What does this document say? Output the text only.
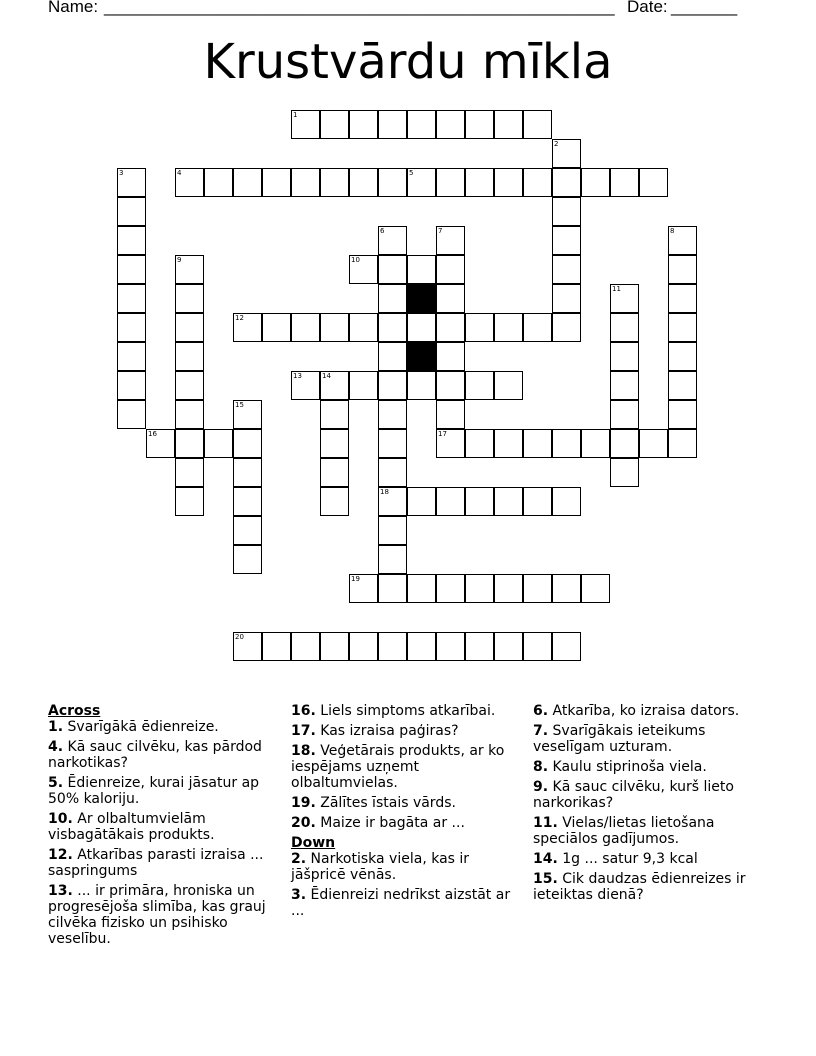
Name: ______________________________________________________ Date: _______
Krustvārdu mīkla
1
2
3	4	5
6	7	8
9	10
11
12
13	14
15
16	17
18
19
20
Across
1. Svarīgākā ēdienreize.
4. Kā sauc cilvēku, kas pārdod narkotikas?
5. Ēdienreize, kurai jāsatur ap 50% kaloriju.
10. Ar olbaltumvielām visbagātākais produkts.
12. Atkarības parasti izraisa ... saspringums
13. ... ir primāra, hroniska un progresējoša slimība, kas grauj cilvēka fizisko un psihisko veselību.
16. Liels simptoms atkarībai.
17. Kas izraisa paģiras?
18. Veģetārais produkts, ar ko iespējams uzņemt olbaltumvielas.
19. Zālītes īstais vārds.
20. Maize ir bagāta ar ...
Down
2. Narkotiska viela, kas ir jāšpricē vēnās.
3. Ēdienreizi nedrīkst aizstāt ar ...
6. Atkarība, ko izraisa dators.
7. Svarīgākais ieteikums veselīgam uzturam.
8. Kaulu stiprinoša viela.
9. Kā sauc cilvēku, kurš lieto narkorikas?
11. Vielas/lietas lietošana speciālos gadījumos.
14. 1g ... satur 9,3 kcal
15. Cik daudzas ēdienreizes ir ieteiktas dienā?
